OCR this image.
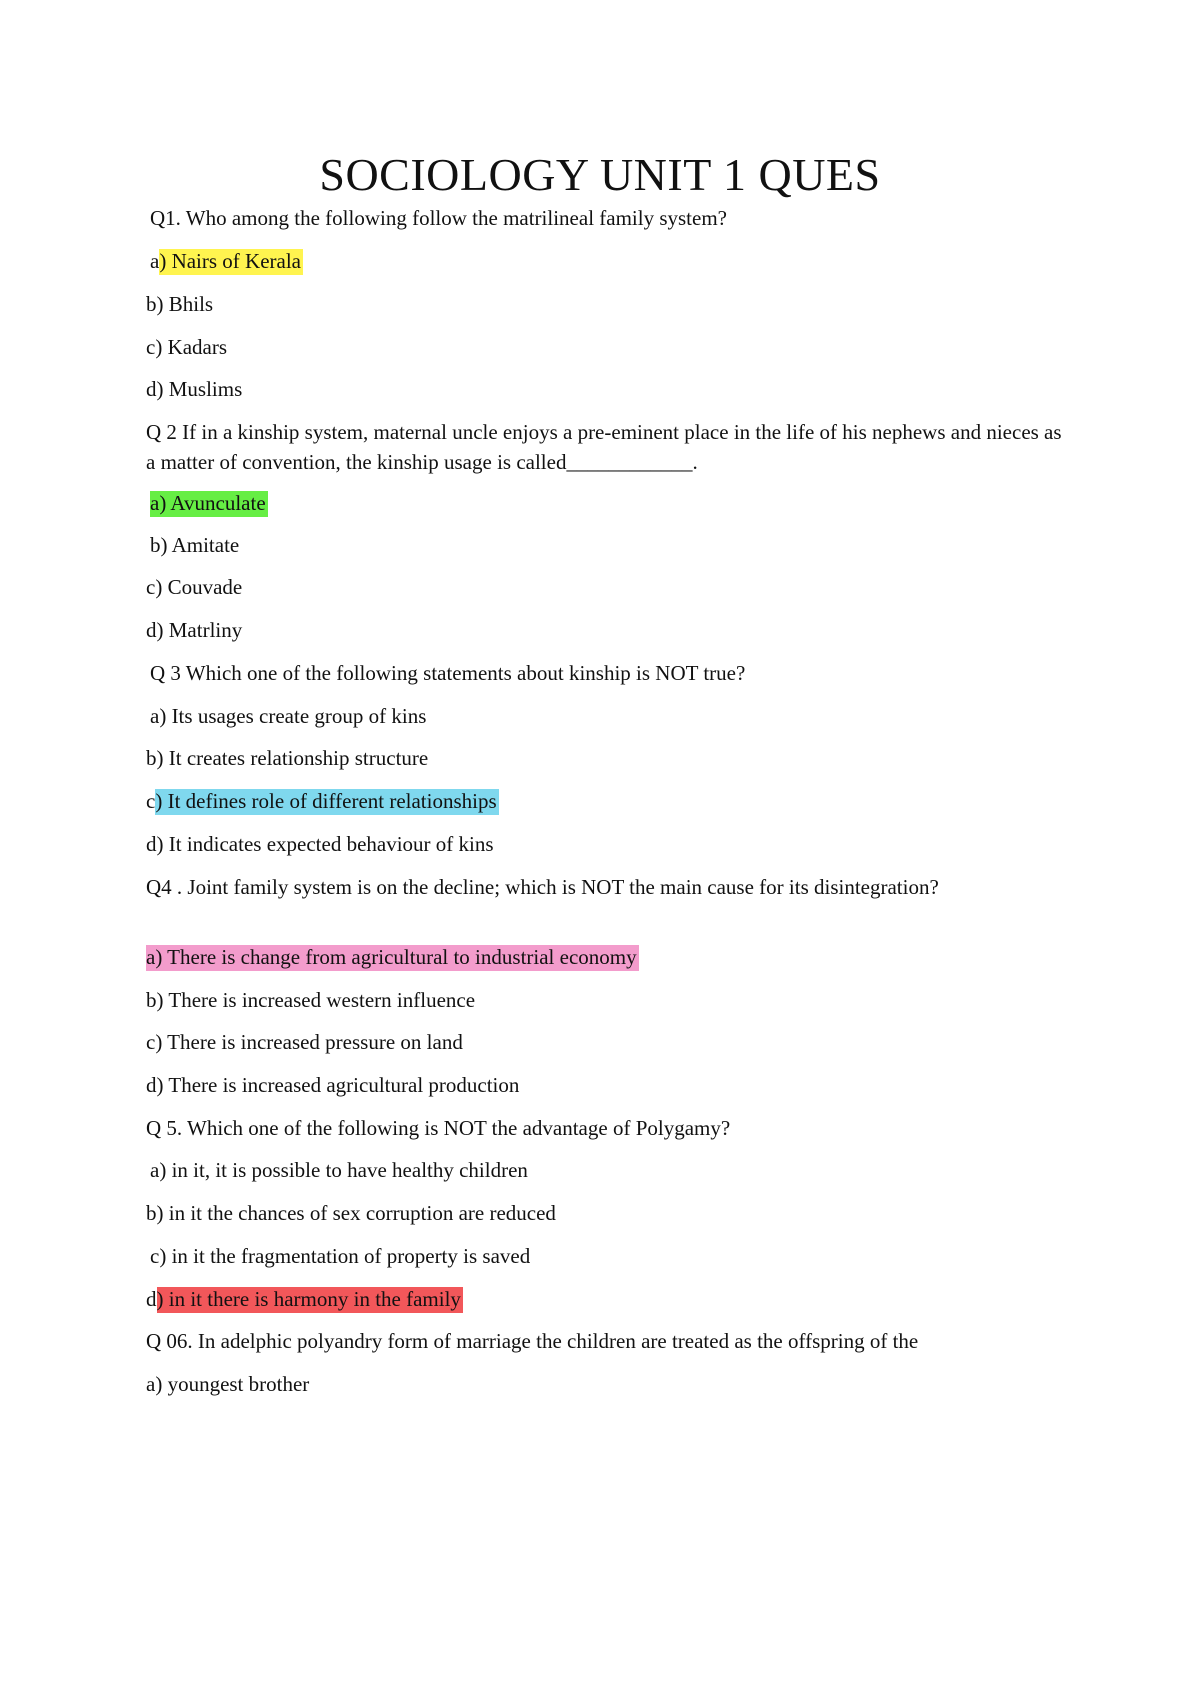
SOCIOLOGY UNIT 1 QUES
Q1. Who among the following follow the matrilineal family system?
a) Nairs of Kerala
b) Bhils
c) Kadars
d) Muslims
Q 2 If in a kinship system, maternal uncle enjoys a pre-eminent place in the life of his nephews and nieces as a matter of convention, the kinship usage is called____________.
a) Avunculate
b) Amitate
c) Couvade
d) Matrliny
Q 3 Which one of the following statements about kinship is NOT true?
a) Its usages create group of kins
b) It creates relationship structure
c) It defines role of different relationships
d) It indicates expected behaviour of kins
Q4 . Joint family system is on the decline; which is NOT the main cause for its disintegration?
a) There is change from agricultural to industrial economy
b) There is increased western influence
c) There is increased pressure on land
d) There is increased agricultural production
Q 5. Which one of the following is NOT the advantage of Polygamy?
a) in it, it is possible to have healthy children
b) in it the chances of sex corruption are reduced
c) in it the fragmentation of property is saved
d) in it there is harmony in the family
Q 06. In adelphic polyandry form of marriage the children are treated as the offspring of the
a) youngest brother
